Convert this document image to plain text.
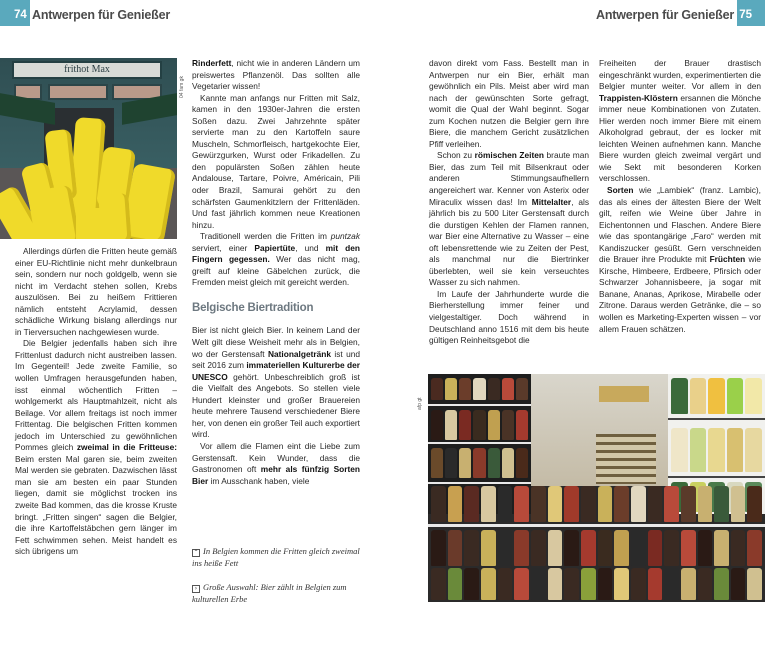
74 Antwerpen für Genießer	75
Antwerpen für Genießer
frithot Max
04 fam gk

Allerdings dürfen die Fritten heute gemäß einer EU-Richtlinie nicht mehr dunkelbraun sein, sondern nur noch goldgelb, wenn sie nicht im Verdacht stehen sollen, Krebs auszulösen. Bei zu heißem Frittieren nämlich entsteht Acrylamid, dessen schädliche Wirkung bislang allerdings nur in Tierversuchen nachgewiesen wurde.

Die Belgier jedenfalls haben sich ihre Frittenlust dadurch nicht austreiben lassen. Im Gegenteil! Jede zweite Familie, so wollen Umfragen herausgefunden haben, isst einmal wöchentlich Fritten – wohlgemerkt als Hauptmahlzeit, nicht als Beilage. Vor allem freitags ist noch immer Frittentag. Die belgischen Fritten kommen jedoch im Unterschied zu gewöhnlichen Pommes gleich zweimal in die Fritteuse: Beim ersten Mal garen sie, beim zweiten Mal werden sie gebraten. Dazwischen lässt man sie am besten ein paar Stunden liegen, damit sie möglichst trocken ins zweite Bad kommen, das die krosse Kruste bringt. „Fritten singen“ sagen die Belgier, die ihre Kartoffelstäbchen gern länger im Fett schwimmen sehen. Meist handelt es sich übrigens um

Rinderfett, nicht wie in anderen Ländern um preiswertes Pflanzenöl. Das sollten alle Vegetarier wissen!

Kannte man anfangs nur Fritten mit Salz, kamen in den 1930er-Jahren die ersten Soßen dazu. Zwei Jahrzehnte später servierte man zu den Kartoffeln saure Muscheln, Schmorfleisch, hartgekochte Eier, Gewürzgurken, Wurst oder Frikadellen. Zu den populärsten Soßen zählen heute Andalouse, Tartare, Poivre, Américain, Pili oder Brazil, Samurai gehört zu den schärfsten Gaumenkitzlern der Frittenläden. Und fast jährlich kommen neue Kreationen hinzu.

Traditionell werden die Fritten im puntzak serviert, einer Papiertüte, und mit den Fingern gegessen. Wer das nicht mag, greift auf kleine Gäbelchen zurück, die Fremden meist gleich mit gereicht werden.

Belgische Biertradition

Bier ist nicht gleich Bier. In keinem Land der Welt gilt diese Weisheit mehr als in Belgien, wo der Gerstensaft Nationalgetränk ist und seit 2016 zum immateriellen Kulturerbe der UNESCO gehört. Unbeschreiblich groß ist die Vielfalt des Angebots. So stellen viele Hundert kleinster und großer Brauereien heute mehrere Tausend verschiedener Biere her, von denen ein großer Teil auch exportiert wird.

Vor allem die Flamen eint die Liebe zum Gerstensaft. Kein Wunder, dass die Gastronomen oft mehr als fünfzig Sorten Bier im Ausschank haben, viele

⌃ In Belgien kommen die Fritten gleich zweimal ins heiße Fett
› Große Auswahl: Bier zählt in Belgien zum kulturellen Erbe

davon direkt vom Fass. Bestellt man in Antwerpen nur ein Bier, erhält man gewöhnlich ein Pils. Meist aber wird man nach der gewünschten Sorte gefragt, womit die Qual der Wahl beginnt. Sogar zum Kochen nutzen die Belgier gern ihre Biere, die manchem Gericht zusätzlichen Pfiff verleihen.

Schon zu römischen Zeiten braute man Bier, das zum Teil mit Bilsenkraut oder anderen Stimmungsaufhellern angereichert war. Kenner von Asterix oder Miraculix wissen das! Im Mittelalter, als jährlich bis zu 500 Liter Gerstensaft durch die durstigen Kehlen der Flamen rannen, war Bier eine Alternative zu Wasser – eine oft lebensrettende wie zu Zeiten der Pest, als manchmal nur die Biertrinker überlebten, weil sie kein verseuchtes Wasser zu sich nahmen.

Im Laufe der Jahrhunderte wurde die Bierherstellung immer feiner und vielgestaltiger. Doch während in Deutschland anno 1516 mit dem bis heute gültigen Reinheitsgebot die

Freiheiten der Brauer drastisch eingeschränkt wurden, experimentierten die Belgier munter weiter. Vor allem in den Trappisten-Klöstern ersannen die Mönche immer neue Kombinationen von Zutaten. Hier werden noch immer Biere mit einem Alkoholgrad gebraut, der es locker mit leichten Weinen aufnehmen kann. Manche Biere wurden gleich zweimal vergärt und wie Sekt mit besonderen Korken verschlossen.

Sorten wie „Lambiek“ (franz. Lambic), das als eines der ältesten Biere der Welt gilt, reifen wie Weine über Jahre in Eichentonnen und Flaschen. Andere Biere wie das spontangärige „Faro“ werden mit Kandiszucker gesüßt. Gern verschneiden die Brauer ihre Produkte mit Früchten wie Kirsche, Himbeere, Erdbeere, Pfirsich oder Schwarzer Johannisbeere, ja sogar mit Banane, Ananas, Aprikose, Mirabelle oder Zitrone. Daraus werden Getränke, die – so wollen es Marketing-Experten wissen – vor allem Frauen schätzen.

afp gt
